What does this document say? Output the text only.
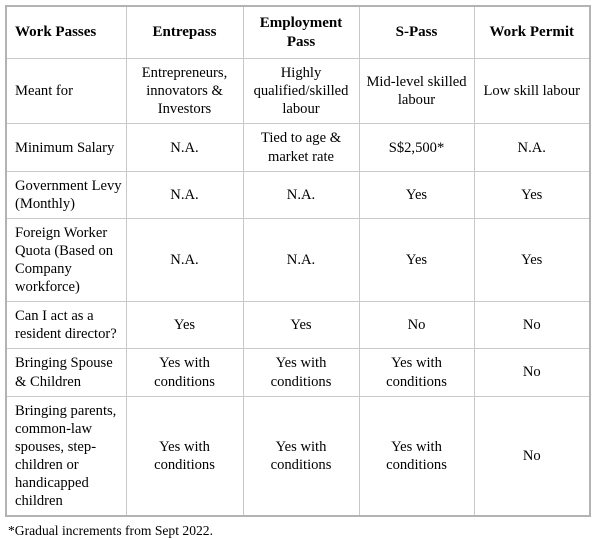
Work Passes	Entrepass	Employment Pass	S-Pass	Work Permit
Meant for	Entrepreneurs, innovators & Investors	Highly qualified/skilled labour	Mid-level skilled labour	Low skill labour
Minimum Salary	N.A.	Tied to age & market rate	S$2,500*	N.A.
Government Levy (Monthly)	N.A.	N.A.	Yes	Yes
Foreign Worker Quota (Based on Company workforce)	N.A.	N.A.	Yes	Yes
Can I act as a resident director?	Yes	Yes	No	No
Bringing Spouse & Children	Yes with conditions	Yes with conditions	Yes with conditions	No
Bringing parents, common-law spouses, step-children or handicapped children	Yes with conditions	Yes with conditions	Yes with conditions	No
*Gradual increments from Sept 2022.
